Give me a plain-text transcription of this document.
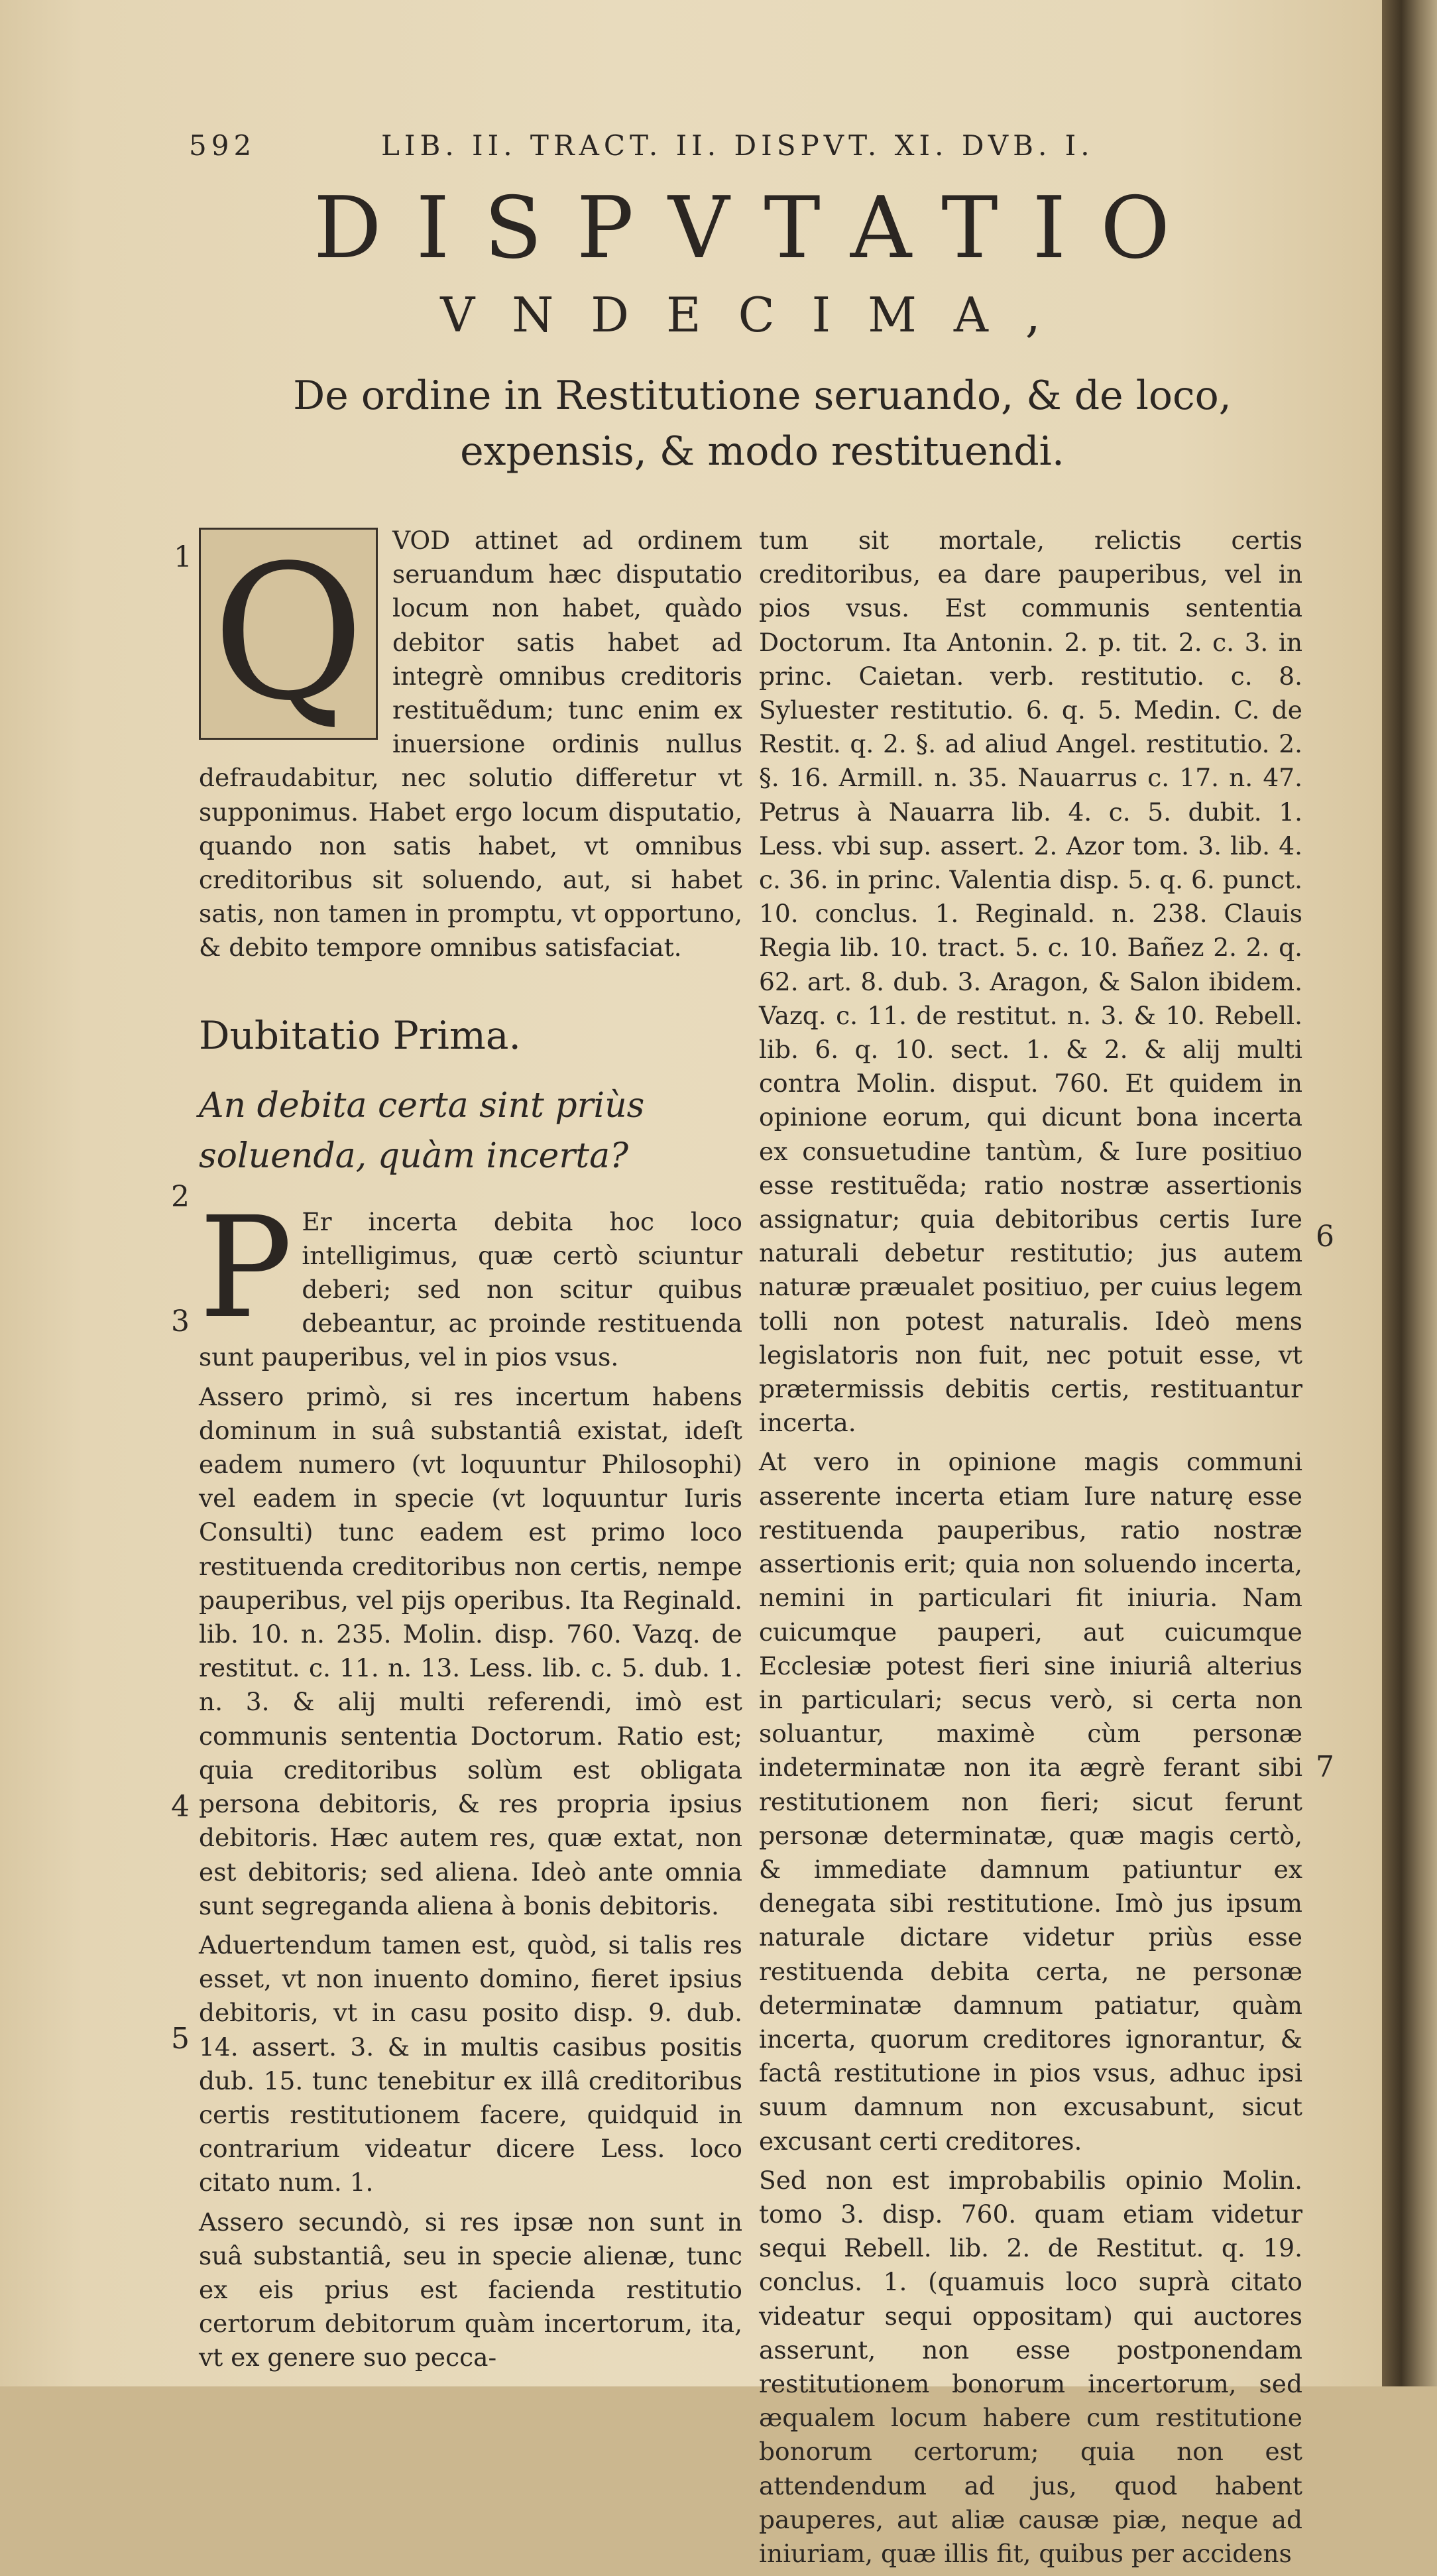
592	LIB. II. TRACT. II. DISPVT. XI. DVB. I.
DISPVTATIO
VNDECIMA,
De ordine in Restitutione seruando, & de loco, expensis, & modo restituendi.
1
2
3
4
5
6
7

Q	VOD attinet ad ordinem seruandum hæc disputatio locum non habet, quàdo debitor satis habet ad integrè omnibus creditoris restituẽdum; tunc enim ex inuersione ordinis nullus defraudabitur, nec solutio differetur vt supponimus. Habet ergo locum disputatio, quando non satis habet, vt omnibus creditoribus sit soluendo, aut, si habet satis, non tamen in promptu, vt opportuno, & debito tempore omnibus satisfaciat.

Dubitatio Prima.
An debita certa sint priùs soluenda, quàm incerta?

P Er incerta debita hoc loco intelligimus, quæ certò sciuntur deberi; sed non scitur quibus debeantur, ac proinde restituenda sunt pauperibus, vel in pios vsus.

Assero primò, si res incertum habens dominum in suâ substantiâ existat, ideſt eadem numero (vt loquuntur Philosophi) vel eadem in specie (vt loquuntur Iuris Consulti) tunc eadem est primo loco restituenda creditoribus non certis, nempe pauperibus, vel pijs operibus. Ita Reginald. lib. 10. n. 235. Molin. disp. 760. Vazq. de restitut. c. 11. n. 13. Less. lib. c. 5. dub. 1. n. 3. & alij multi referendi, imò est communis sententia Doctorum. Ratio est; quia creditoribus solùm est obligata persona debitoris, & res propria ipsius debitoris. Hæc autem res, quæ extat, non est debitoris; sed aliena. Ideò ante omnia sunt segreganda aliena à bonis debitoris.

Aduertendum tamen est, quòd, si talis res esset, vt non inuento domino, fieret ipsius debitoris, vt in casu posito disp. 9. dub. 14. assert. 3. & in multis casibus positis dub. 15. tunc tenebitur ex illâ creditoribus certis restitutionem facere, quidquid in contrarium videatur dicere Less. loco citato num. 1.

Assero secundò, si res ipsæ non sunt in suâ substantiâ, seu in specie alienæ, tunc ex eis prius est facienda restitutio certorum debitorum quàm incertorum, ita, vt ex genere suo pecca-

tum sit mortale, relictis certis creditoribus, ea dare pauperibus, vel in pios vsus. Est communis sententia Doctorum. Ita Antonin. 2. p. tit. 2. c. 3. in princ. Caietan. verb. restitutio. c. 8. Syluester restitutio. 6. q. 5. Medin. C. de Restit. q. 2. §. ad aliud Angel. restitutio. 2. §. 16. Armill. n. 35. Nauarrus c. 17. n. 47. Petrus à Nauarra lib. 4. c. 5. dubit. 1. Less. vbi sup. assert. 2. Azor tom. 3. lib. 4. c. 36. in princ. Valentia disp. 5. q. 6. punct. 10. conclus. 1. Reginald. n. 238. Clauis Regia lib. 10. tract. 5. c. 10. Bañez 2. 2. q. 62. art. 8. dub. 3. Aragon, & Salon ibidem. Vazq. c. 11. de restitut. n. 3. & 10. Rebell. lib. 6. q. 10. sect. 1. & 2. & alij multi contra Molin. disput. 760. Et quidem in opinione eorum, qui dicunt bona incerta ex consuetudine tantùm, & Iure positiuo esse restituẽda; ratio nostræ assertionis assignatur; quia debitoribus certis Iure naturali debetur restitutio; jus autem naturæ præualet positiuo, per cuius legem tolli non potest naturalis. Ideò mens legislatoris non fuit, nec potuit esse, vt prætermissis debitis certis, restituantur incerta.

At vero in opinione magis communi asserente incerta etiam Iure naturę esse restituenda pauperibus, ratio nostræ assertionis erit; quia non soluendo incerta, nemini in particulari fit iniuria. Nam cuicumque pauperi, aut cuicumque Ecclesiæ potest fieri sine iniuriâ alterius in particulari; secus verò, si certa non soluantur, maximè cùm personæ indeterminatæ non ita ægrè ferant sibi restitutionem non fieri; sicut ferunt personæ determinatæ, quæ magis certò, & immediate damnum patiuntur ex denegata sibi restitutione. Imò jus ipsum naturale dictare videtur priùs esse restituenda debita certa, ne personæ determinatæ damnum patiatur, quàm incerta, quorum creditores ignorantur, & factâ restitutione in pios vsus, adhuc ipsi suum damnum non excusabunt, sicut excusant certi creditores.

Sed non est improbabilis opinio Molin. tomo 3. disp. 760. quam etiam videtur sequi Rebell. lib. 2. de Restitut. q. 19. conclus. 1. (quamuis loco suprà citato videatur sequi oppositam) qui auctores asserunt, non esse postponendam restitutionem bonorum incertorum, sed æqualem locum habere cum restitutione bonorum certorum; quia non est attendendum ad jus, quod habent pauperes, aut aliæ causæ piæ, neque ad iniuriam, quæ illis fit, quibus per accidens
